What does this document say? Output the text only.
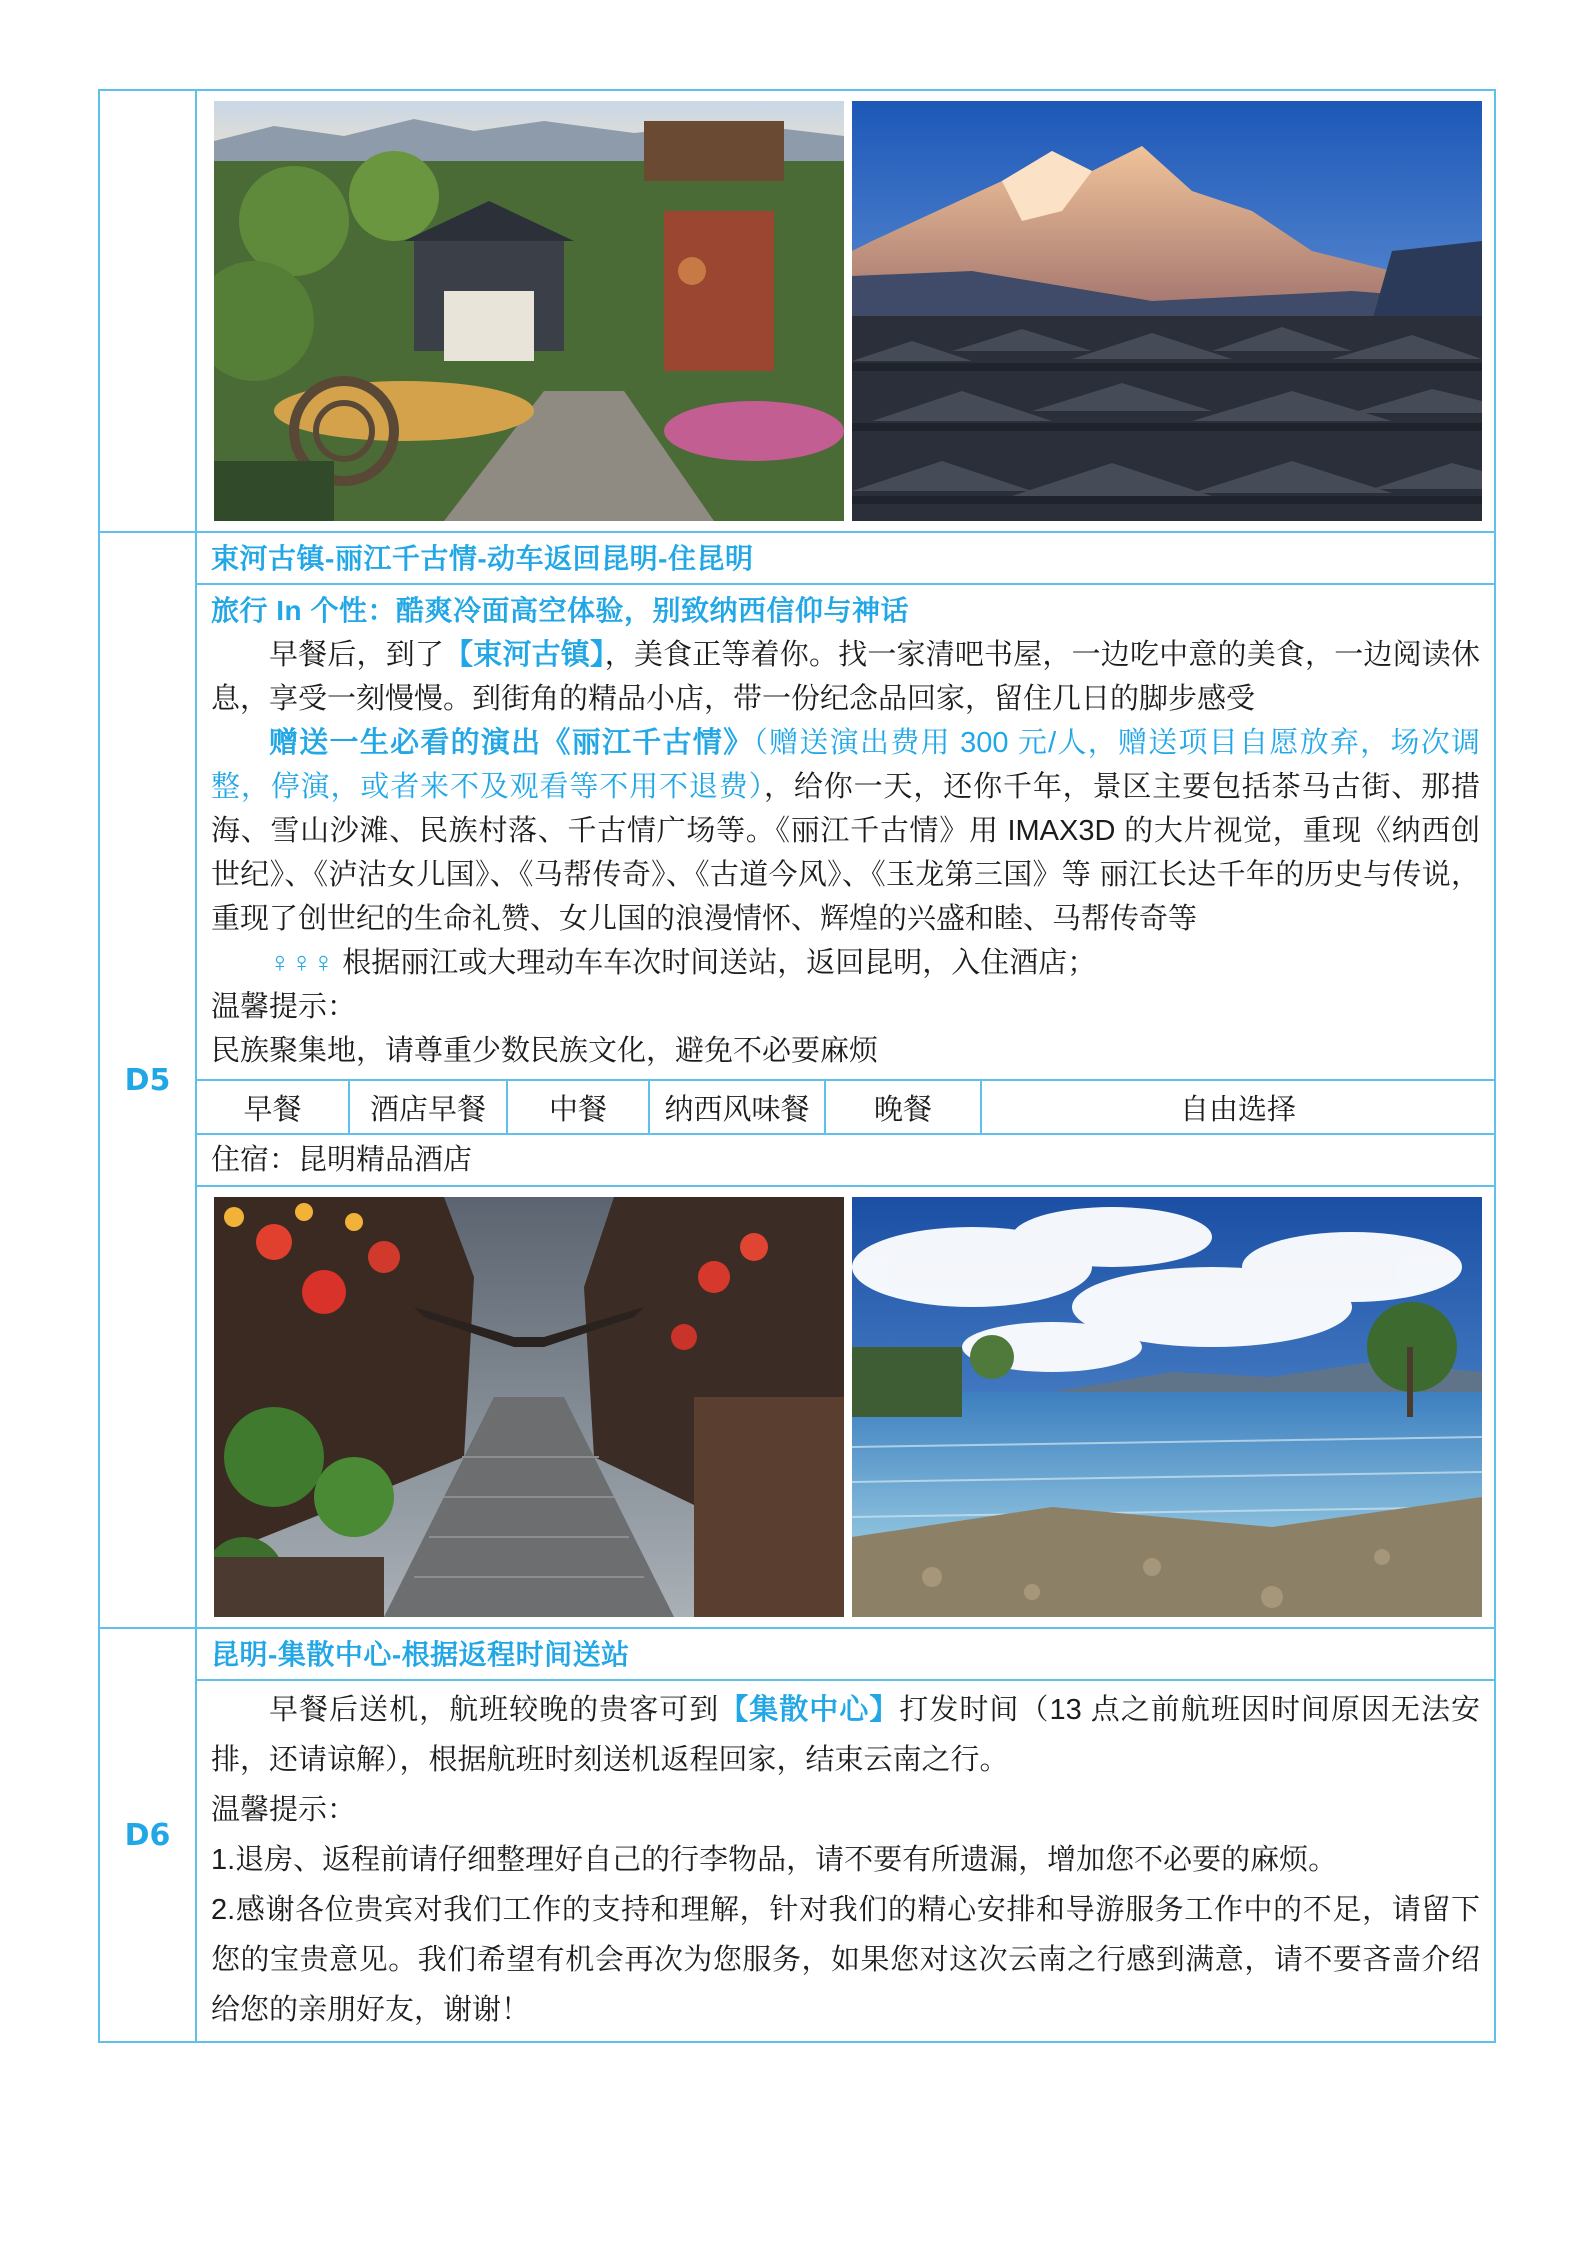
D5	
束河古镇-丽江千古情-动车返回昆明-住昆明

旅行 In 个性：酷爽冷面高空体验，别致纳西信仰与神话

早餐后，到了【束河古镇】，美食正等着你。找一家清吧书屋，一边吃中意的美食，一边阅读休息，享受一刻慢慢。到街角的精品小店，带一份纪念品回家，留住几日的脚步感受

赠送一生必看的演出《丽江千古情》（赠送演出费用 300 元/人，赠送项目自愿放弃，场次调整，停演，或者来不及观看等不用不退费），给你一天，还你千年，景区主要包括茶马古街、那措海、雪山沙滩、民族村落、千古情广场等。《丽江千古情》用 IMAX3D 的大片视觉，重现《纳西创世纪》、《泸沽女儿国》、《马帮传奇》、《古道今风》、《玉龙第三国》等 丽江长达千年的历史与传说，重现了创世纪的生命礼赞、女儿国的浪漫情怀、辉煌的兴盛和睦、马帮传奇等

♀♀♀ 根据丽江或大理动车车次时间送站，返回昆明，入住酒店；

温馨提示：

民族聚集地，请尊重少数民族文化，避免不必要麻烦

早餐	酒店早餐	中餐	纳西风味餐	晚餐	自由选择

住宿：昆明精品酒店

D6	
昆明-集散中心-根据返程时间送站

早餐后送机，航班较晚的贵客可到【集散中心】打发时间（13 点之前航班因时间原因无法安排，还请谅解），根据航班时刻送机返程回家，结束云南之行。

温馨提示：

1.退房、返程前请仔细整理好自己的行李物品，请不要有所遗漏，增加您不必要的麻烦。

2.感谢各位贵宾对我们工作的支持和理解，针对我们的精心安排和导游服务工作中的不足，请留下您的宝贵意见。我们希望有机会再次为您服务，如果您对这次云南之行感到满意，请不要吝啬介绍给您的亲朋好友，谢谢！
